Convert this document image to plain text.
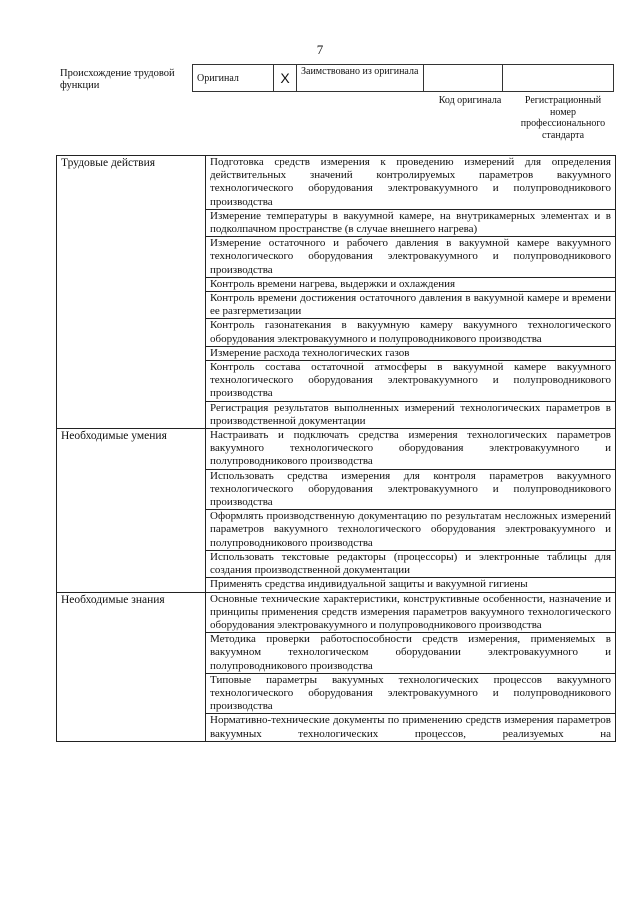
7
Происхождение трудовой функции
Оригинал	X	Заимствовано из оригинала		
Код оригинала	Регистрационный номер профессионального стандарта
Трудовые действия	Подготовка средств измерения к проведению измерений для определения действительных значений контролируемых параметров вакуумного технологического оборудования электровакуумного и полупроводникового производства
	Измерение температуры в вакуумной камере, на внутрикамерных элементах и в подколпачном пространстве (в случае внешнего нагрева)
	Измерение остаточного и рабочего давления в вакуумной камере вакуумного технологического оборудования электровакуумного и полупроводникового производства
	Контроль времени нагрева, выдержки и охлаждения
	Контроль времени достижения остаточного давления в вакуумной камере и времени ее разгерметизации
	Контроль газонатекания в вакуумную камеру вакуумного технологического оборудования электровакуумного и полупроводникового производства
	Измерение расхода технологических газов
	Контроль состава остаточной атмосферы в вакуумной камере вакуумного технологического оборудования электровакуумного и полупроводникового производства
	Регистрация результатов выполненных измерений технологических параметров в производственной документации
Необходимые умения	Настраивать и подключать средства измерения технологических параметров вакуумного технологического оборудования электровакуумного и полупроводникового производства
	Использовать средства измерения для контроля параметров вакуумного технологического оборудования электровакуумного и полупроводникового производства
	Оформлять производственную документацию по результатам несложных измерений параметров вакуумного технологического оборудования электровакуумного и полупроводникового производства
	Использовать текстовые редакторы (процессоры) и электронные таблицы для создания производственной документации
	Применять средства индивидуальной защиты и вакуумной гигиены
Необходимые знания	Основные технические характеристики, конструктивные особенности, назначение и принципы применения средств измерения параметров вакуумного технологического оборудования электровакуумного и полупроводникового производства
	Методика проверки работоспособности средств измерения, применяемых в вакуумном технологическом оборудовании электровакуумного и полупроводникового производства
	Типовые параметры вакуумных технологических процессов вакуумного технологического оборудования электровакуумного и полупроводникового производства
	Нормативно-технические документы по применению средств измерения параметров вакуумных технологических процессов, реализуемых на
